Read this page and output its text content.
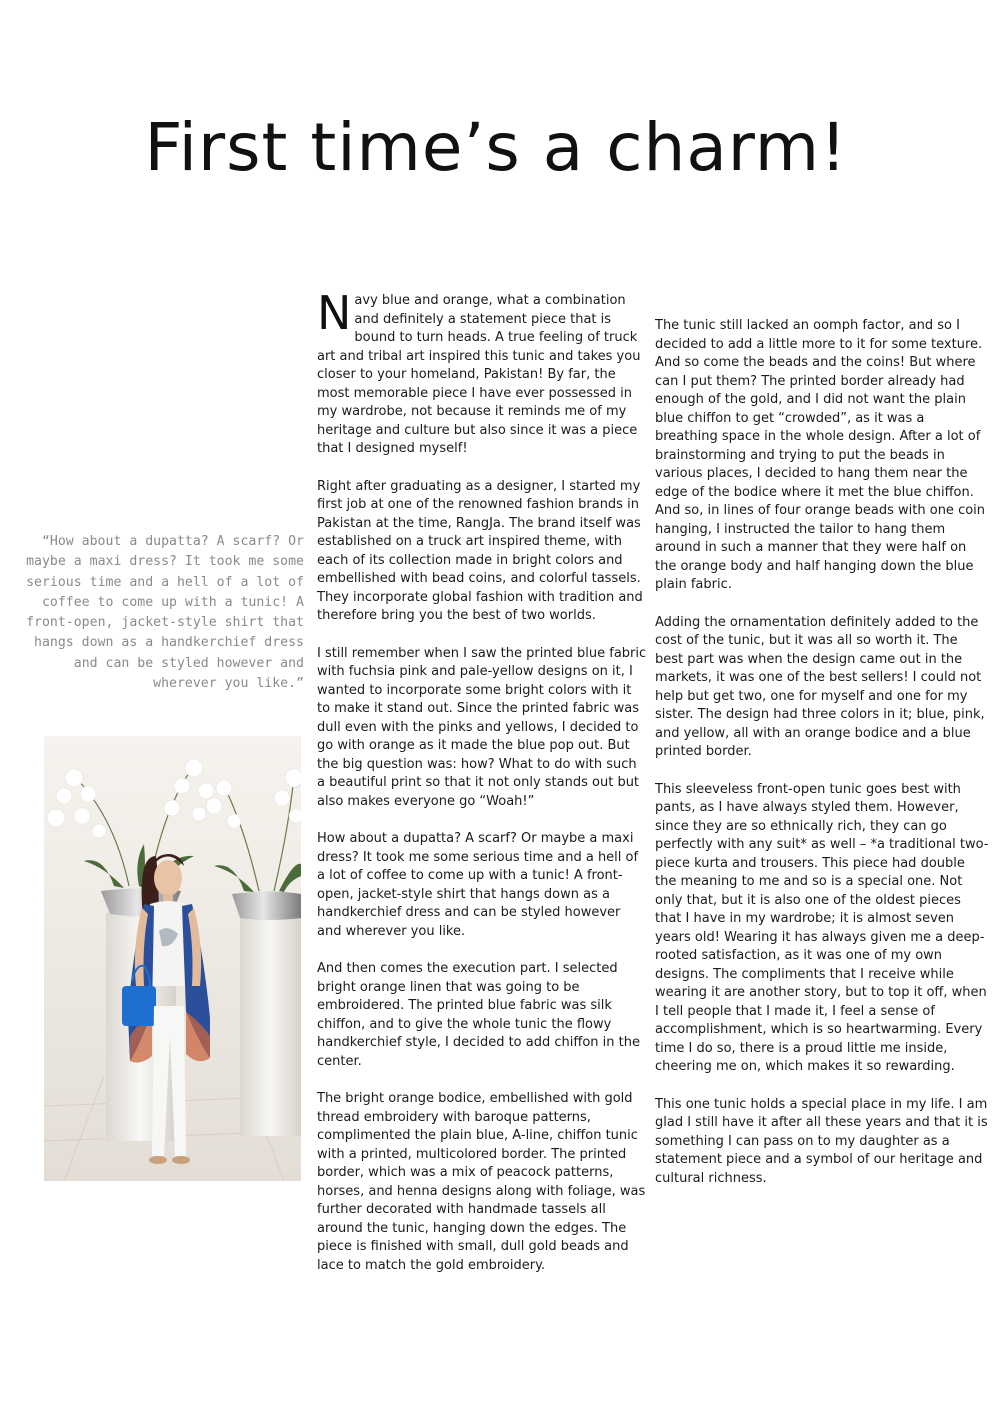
First time’s a charm!

“How about a dupatta? A scarf? Or maybe a maxi dress? It took me some serious time and a hell of a lot of coffee to come up with a tunic! A front-open, jacket-style shirt that hangs down as a handkerchief dress and can be styled however and wherever you like.”

Navy blue and orange, what a combination and definitely a statement piece that is bound to turn heads. A true feeling of truck art and tribal art inspired this tunic and takes you closer to your homeland, Pakistan! By far, the most memorable piece I have ever possessed in my wardrobe, not because it reminds me of my heritage and culture but also since it was a piece that I designed myself!

Right after graduating as a designer, I started my first job at one of the renowned fashion brands in Pakistan at the time, RangJa. The brand itself was established on a truck art inspired theme, with each of its collection made in bright colors and embellished with bead coins, and colorful tassels. They incorporate global fashion with tradition and therefore bring you the best of two worlds.

I still remember when I saw the printed blue fabric with fuchsia pink and pale-yellow designs on it, I wanted to incorporate some bright colors with it to make it stand out. Since the printed fabric was dull even with the pinks and yellows, I decided to go with orange as it made the blue pop out. But the big question was: how? What to do with such a beautiful print so that it not only stands out but also makes everyone go “Woah!”

How about a dupatta? A scarf? Or maybe a maxi dress? It took me some serious time and a hell of a lot of coffee to come up with a tunic! A front-open, jacket-style shirt that hangs down as a handkerchief dress and can be styled however and wherever you like.

And then comes the execution part. I selected bright orange linen that was going to be embroidered. The printed blue fabric was silk chiffon, and to give the whole tunic the flowy handkerchief style, I decided to add chiffon in the center.

The bright orange bodice, embellished with gold thread embroidery with baroque patterns, complimented the plain blue, A-line, chiffon tunic with a printed, multicolored border. The printed border, which was a mix of peacock patterns, horses, and henna designs along with foliage, was further decorated with handmade tassels all around the tunic, hanging down the edges. The piece is finished with small, dull gold beads and lace to match the gold embroidery.

The tunic still lacked an oomph factor, and so I decided to add a little more to it for some texture. And so come the beads and the coins! But where can I put them? The printed border already had enough of the gold, and I did not want the plain blue chiffon to get “crowded”, as it was a breathing space in the whole design. After a lot of brainstorming and trying to put the beads in various places, I decided to hang them near the edge of the bodice where it met the blue chiffon. And so, in lines of four orange beads with one coin hanging, I instructed the tailor to hang them around in such a manner that they were half on the orange body and half hanging down the blue plain fabric.

Adding the ornamentation definitely added to the cost of the tunic, but it was all so worth it. The best part was when the design came out in the markets, it was one of the best sellers! I could not help but get two, one for myself and one for my sister. The design had three colors in it; blue, pink, and yellow, all with an orange bodice and a blue printed border.

This sleeveless front-open tunic goes best with pants, as I have always styled them. However, since they are so ethnically rich, they can go perfectly with any suit* as well – *a traditional two-piece kurta and trousers. This piece had double the meaning to me and so is a special one. Not only that, but it is also one of the oldest pieces that I have in my wardrobe; it is almost seven years old! Wearing it has always given me a deep-rooted satisfaction, as it was one of my own designs. The compliments that I receive while wearing it are another story, but to top it off, when I tell people that I made it, I feel a sense of accomplishment, which is so heartwarming. Every time I do so, there is a proud little me inside, cheering me on, which makes it so rewarding.

This one tunic holds a special place in my life. I am glad I still have it after all these years and that it is something I can pass on to my daughter as a statement piece and a symbol of our heritage and cultural richness.
